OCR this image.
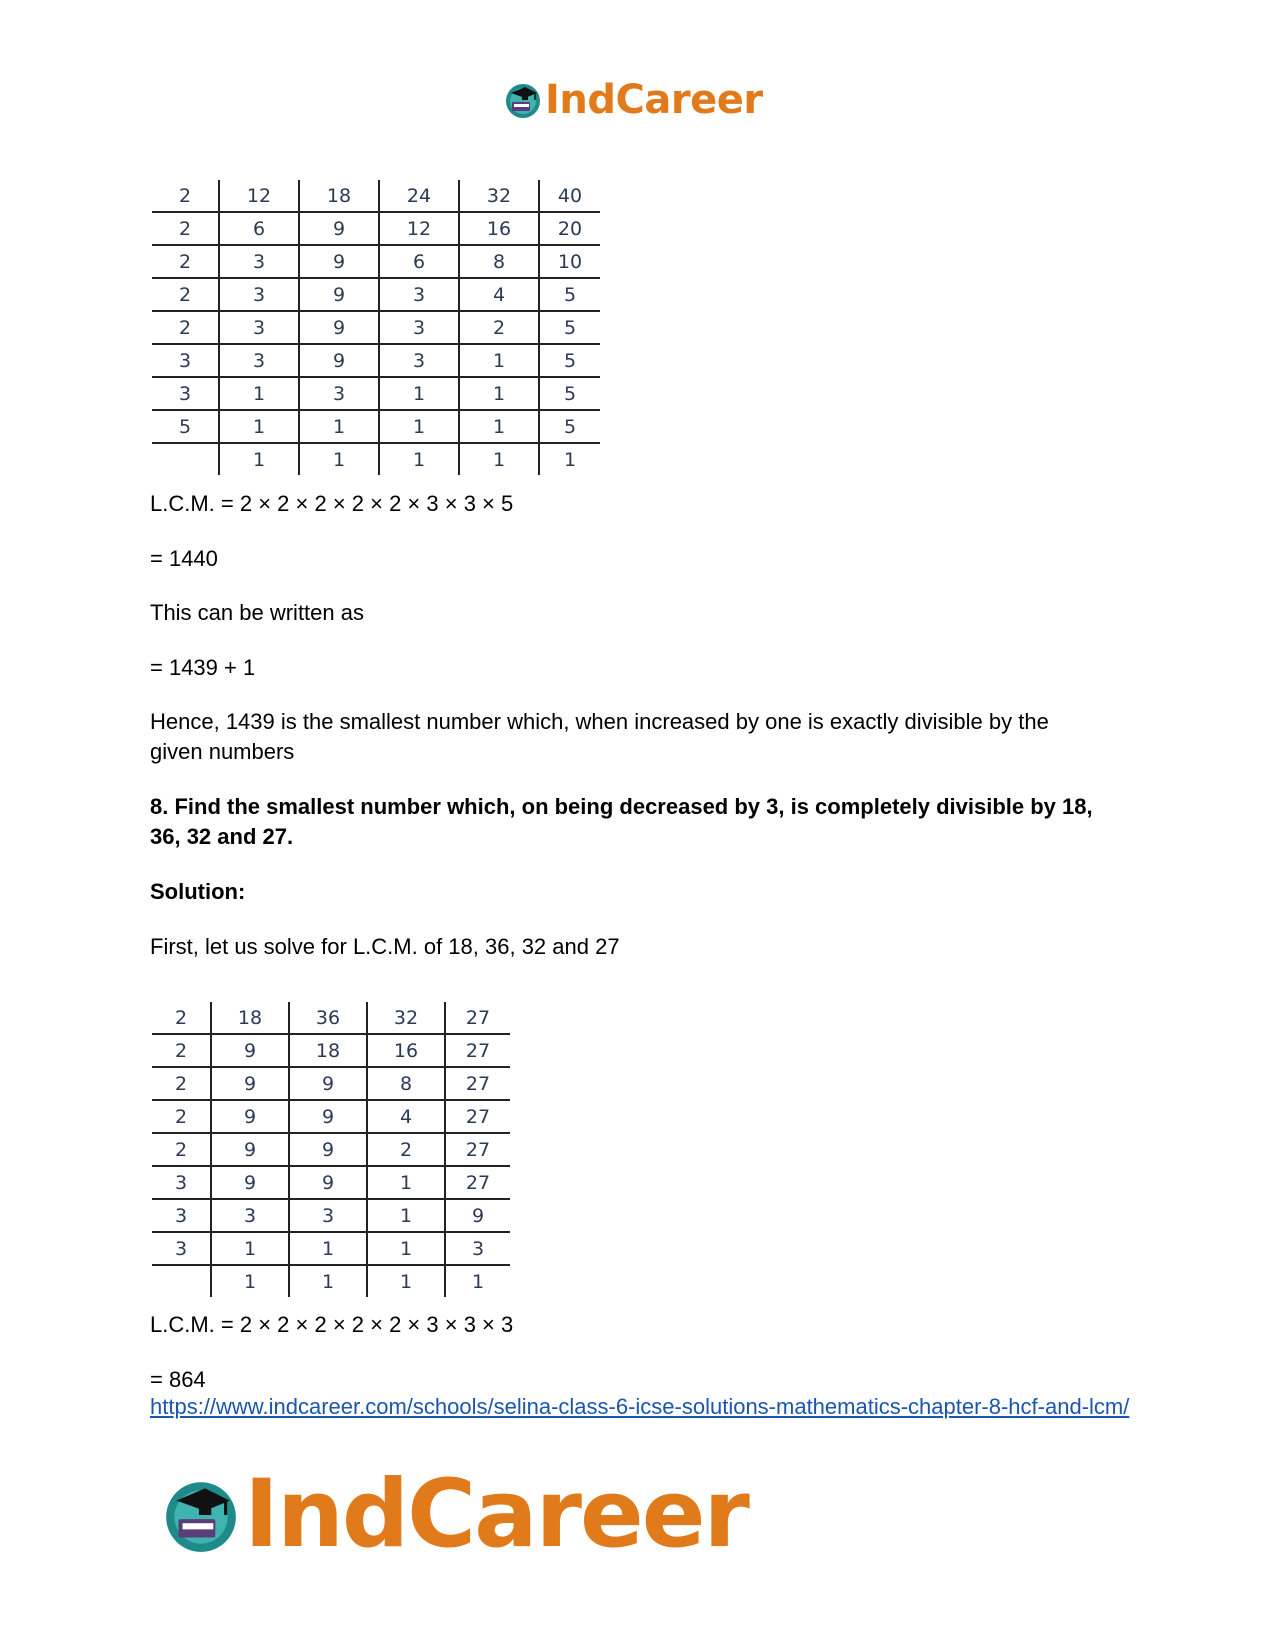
IndCareer
2	12	18	24	32	40
2	6	9	12	16	20
2	3	9	6	8	10
2	3	9	3	4	5
2	3	9	3	2	5
3	3	9	3	1	5
3	1	3	1	1	5
5	1	1	1	1	5
	1	1	1	1	1

L.C.M. = 2 × 2 × 2 × 2 × 2 × 3 × 3 × 5

= 1440

This can be written as

= 1439 + 1

Hence, 1439 is the smallest number which, when increased by one is exactly divisible by the given numbers

8. Find the smallest number which, on being decreased by 3, is completely divisible by 18, 36, 32 and 27.

Solution:

First, let us solve for L.C.M. of 18, 36, 32 and 27

2	18	36	32	27
2	9	18	16	27
2	9	9	8	27
2	9	9	4	27
2	9	9	2	27
3	9	9	1	27
3	3	3	1	9
3	1	1	1	3
	1	1	1	1

L.C.M. = 2 × 2 × 2 × 2 × 2 × 3 × 3 × 3

= 864

https://www.indcareer.com/schools/selina-class-6-icse-solutions-mathematics-chapter-8-hcf-and-lcm/

IndCareer
